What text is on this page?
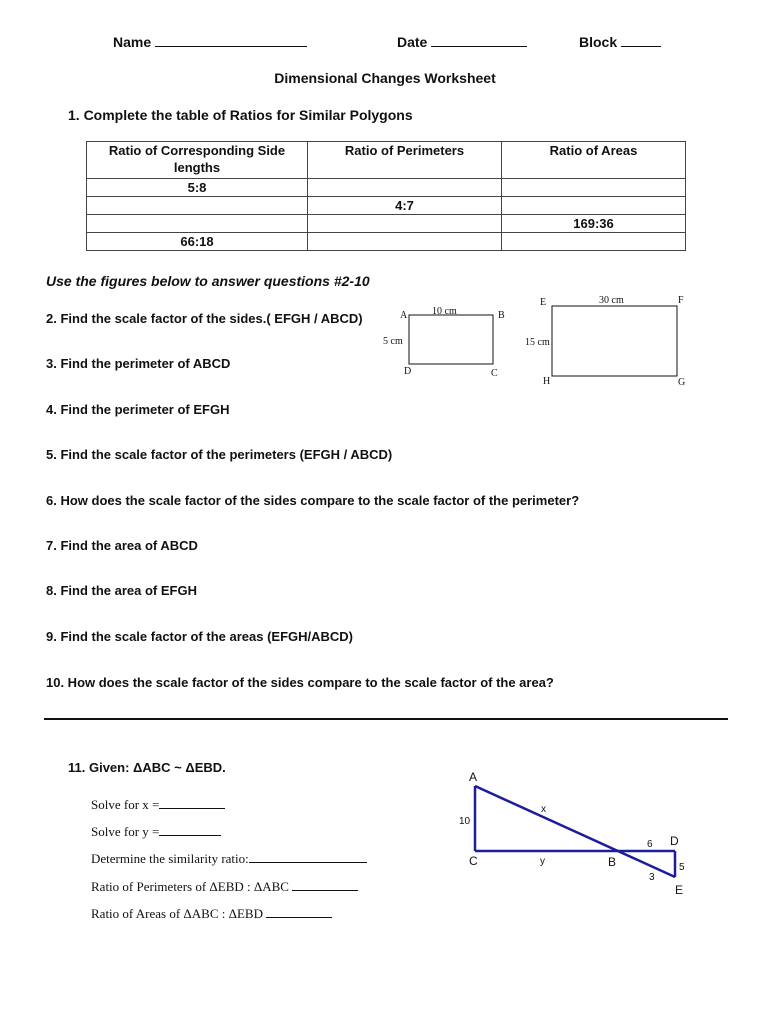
Name	Date	Block
Dimensional Changes Worksheet
1. Complete the table of Ratios for Similar Polygons
Ratio of Corresponding Side lengths	Ratio of Perimeters	Ratio of Areas
5:8		
	4:7	
		169:36
66:18		
Use the figures below to answer questions #2-10
2. Find the scale factor of the sides.( EFGH / ABCD)
3. Find the perimeter of ABCD
4. Find the perimeter of EFGH
5. Find the scale factor of the perimeters (EFGH / ABCD)
6. How does the scale factor of the sides compare to the scale factor of the perimeter?
7. Find the area of ABCD
8. Find the area of EFGH
9. Find the scale factor of the areas (EFGH/ABCD)
10. How does the scale factor of the sides compare to the scale factor of the area?
10 cm
5 cm
A	B
C
D
30 cm
15 cm
E	F
G
H
11. Given: ΔABC ~ ΔEBD.
Solve for x =
Solve for y =
Determine the similarity ratio:
Ratio of Perimeters of ΔEBD : ΔABC
Ratio of Areas of ΔABC : ΔEBD
A
C	B
D
E
10
x
y
6
5
3
